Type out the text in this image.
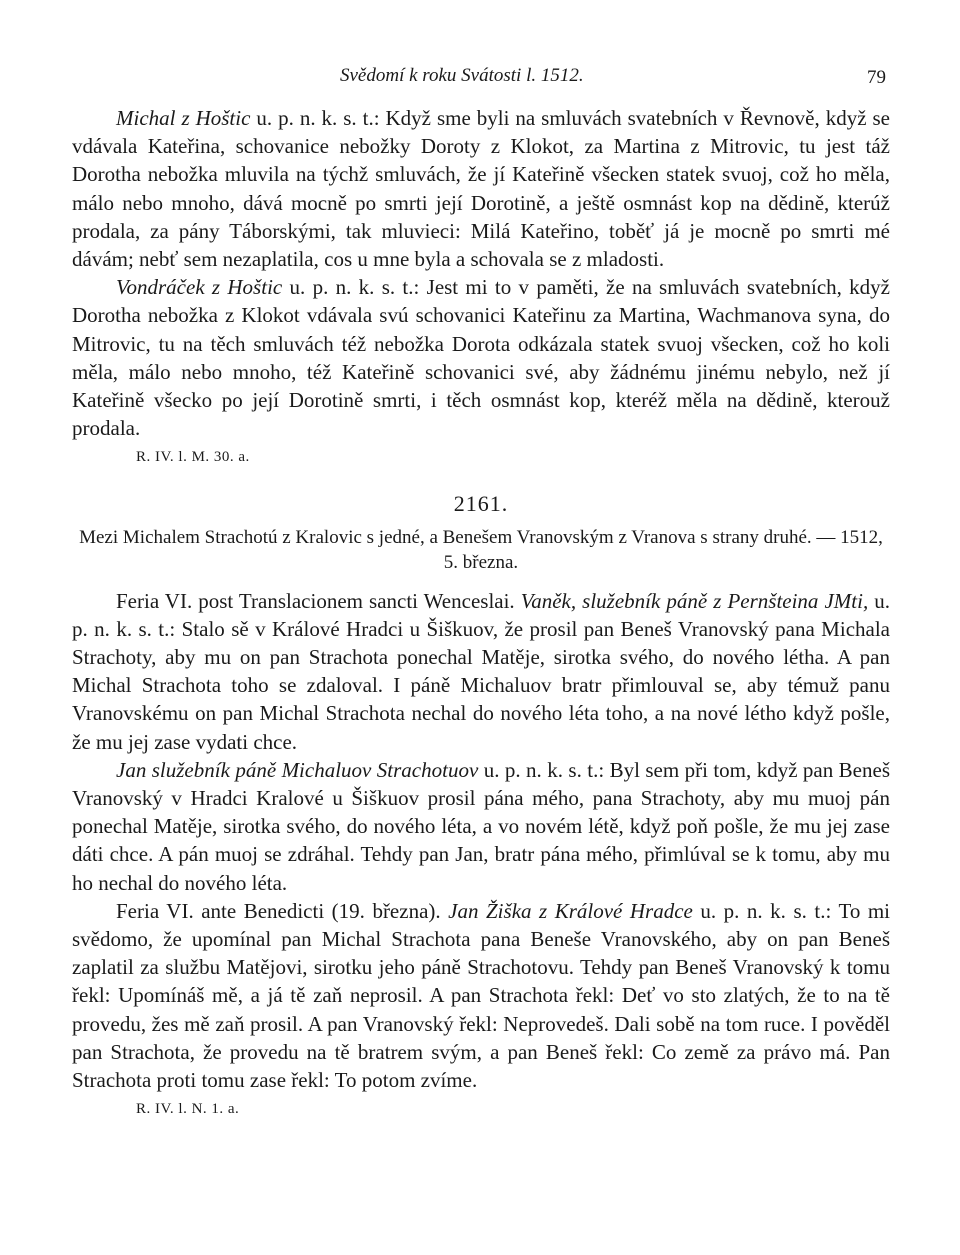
Svědomí k roku Svátosti l. 1512.	79

Michal z Hoštic u. p. n. k. s. t.: Když sme byli na smluvách svatebních v Řevnově, když se vdávala Kateřina, schovanice nebožky Doroty z Klokot, za Martina z Mitrovic, tu jest táž Dorotha nebožka mluvila na týchž smluvách, že jí Kateřině všecken statek svuoj, což ho měla, málo nebo mnoho, dává mocně po smrti její Dorotině, a ještě osmnást kop na dědině, kterúž prodala, za pány Táborskými, tak mluvieci: Milá Kateřino, toběť já je mocně po smrti mé dávám; nebť sem nezaplatila, cos u mne byla a schovala se z mladosti.

Vondráček z Hoštic u. p. n. k. s. t.: Jest mi to v paměti, že na smluvách svatebních, když Dorotha nebožka z Klokot vdávala svú schovanici Kateřinu za Martina, Wachmanova syna, do Mitrovic, tu na těch smluvách též nebožka Dorota odkázala statek svuoj všecken, což ho koli měla, málo nebo mnoho, též Kateřině schovanici své, aby žádnému jinému nebylo, než jí Kateřině všecko po její Dorotině smrti, i těch osmnást kop, kteréž měla na dědině, kterouž prodala.

R. IV. l. M. 30. a.
2161.
Mezi Michalem Strachotú z Kralovic s jedné, a Benešem Vranovským z Vranova s strany druhé. — 1512, 5. března.

Feria VI. post Translacionem sancti Wenceslai. Vaněk, služebník páně z Pernšteina JMti, u. p. n. k. s. t.: Stalo sě v Králové Hradci u Šiškuov, že prosil pan Beneš Vranovský pana Michala Strachoty, aby mu on pan Strachota ponechal Matěje, sirotka svého, do nového létha. A pan Michal Strachota toho se zdaloval. I páně Michaluov bratr přimlouval se, aby témuž panu Vranovskému on pan Michal Strachota nechal do nového léta toho, a na nové létho když pošle, že mu jej zase vydati chce.

Jan služebník páně Michaluov Strachotuov u. p. n. k. s. t.: Byl sem při tom, když pan Beneš Vranovský v Hradci Kralové u Šiškuov prosil pána mého, pana Strachoty, aby mu muoj pán ponechal Matěje, sirotka svého, do nového léta, a vo novém létě, když poň pošle, že mu jej zase dáti chce. A pán muoj se zdráhal. Tehdy pan Jan, bratr pána mého, přimlúval se k tomu, aby mu ho nechal do nového léta.

Feria VI. ante Benedicti (19. března). Jan Žiška z Králové Hradce u. p. n. k. s. t.: To mi svědomo, že upomínal pan Michal Strachota pana Beneše Vranovského, aby on pan Beneš zaplatil za službu Matějovi, sirotku jeho páně Strachotovu. Tehdy pan Beneš Vranovský k tomu řekl: Upomínáš mě, a já tě zaň neprosil. A pan Strachota řekl: Deť vo sto zlatých, že to na tě provedu, žes mě zaň prosil. A pan Vranovský řekl: Neprovedeš. Dali sobě na tom ruce. I pověděl pan Strachota, že provedu na tě bratrem svým, a pan Beneš řekl: Co země za právo má. Pan Strachota proti tomu zase řekl: To potom zvíme.

R. IV. l. N. 1. a.
